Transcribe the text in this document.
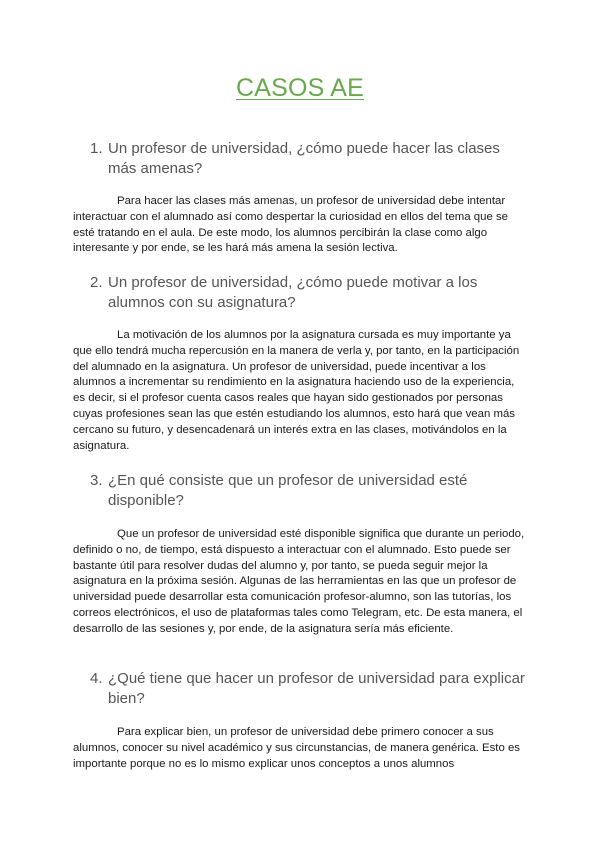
CASOS AE
1. Un profesor de universidad, ¿cómo puede hacer las clases más amenas?

Para hacer las clases más amenas, un profesor de universidad debe intentar interactuar con el alumnado así como despertar la curiosidad en ellos del tema que se esté tratando en el aula. De este modo, los alumnos percibirán la clase como algo interesante y por ende, se les hará más amena la sesión lectiva.

2. Un profesor de universidad, ¿cómo puede motivar a los alumnos con su asignatura?

La motivación de los alumnos por la asignatura cursada es muy importante ya que ello tendrá mucha repercusión en la manera de verla y, por tanto, en la participación del alumnado en la asignatura. Un profesor de universidad, puede incentivar a los alumnos a incrementar su rendimiento en la asignatura haciendo uso de la experiencia, es decir, si el profesor cuenta casos reales que hayan sido gestionados por personas cuyas profesiones sean las que estén estudiando los alumnos, esto hará que vean más cercano su futuro, y desencadenará un interés extra en las clases, motivándolos en la asignatura.

3. ¿En qué consiste que un profesor de universidad esté disponible?

Que un profesor de universidad esté disponible significa que durante un periodo, definido o no, de tiempo, está dispuesto a interactuar con el alumnado. Esto puede ser bastante útil para resolver dudas del alumno y, por tanto, se pueda seguir mejor la asignatura en la próxima sesión. Algunas de las herramientas en las que un profesor de universidad puede desarrollar esta comunicación profesor-alumno, son las tutorías, los correos electrónicos, el uso de plataformas tales como Telegram, etc. De esta manera, el desarrollo de las sesiones y, por ende, de la asignatura sería más eficiente.

4. ¿Qué tiene que hacer un profesor de universidad para explicar bien?

Para explicar bien, un profesor de universidad debe primero conocer a sus alumnos, conocer su nivel académico y sus circunstancias, de manera genérica. Esto es importante porque no es lo mismo explicar unos conceptos a unos alumnos
